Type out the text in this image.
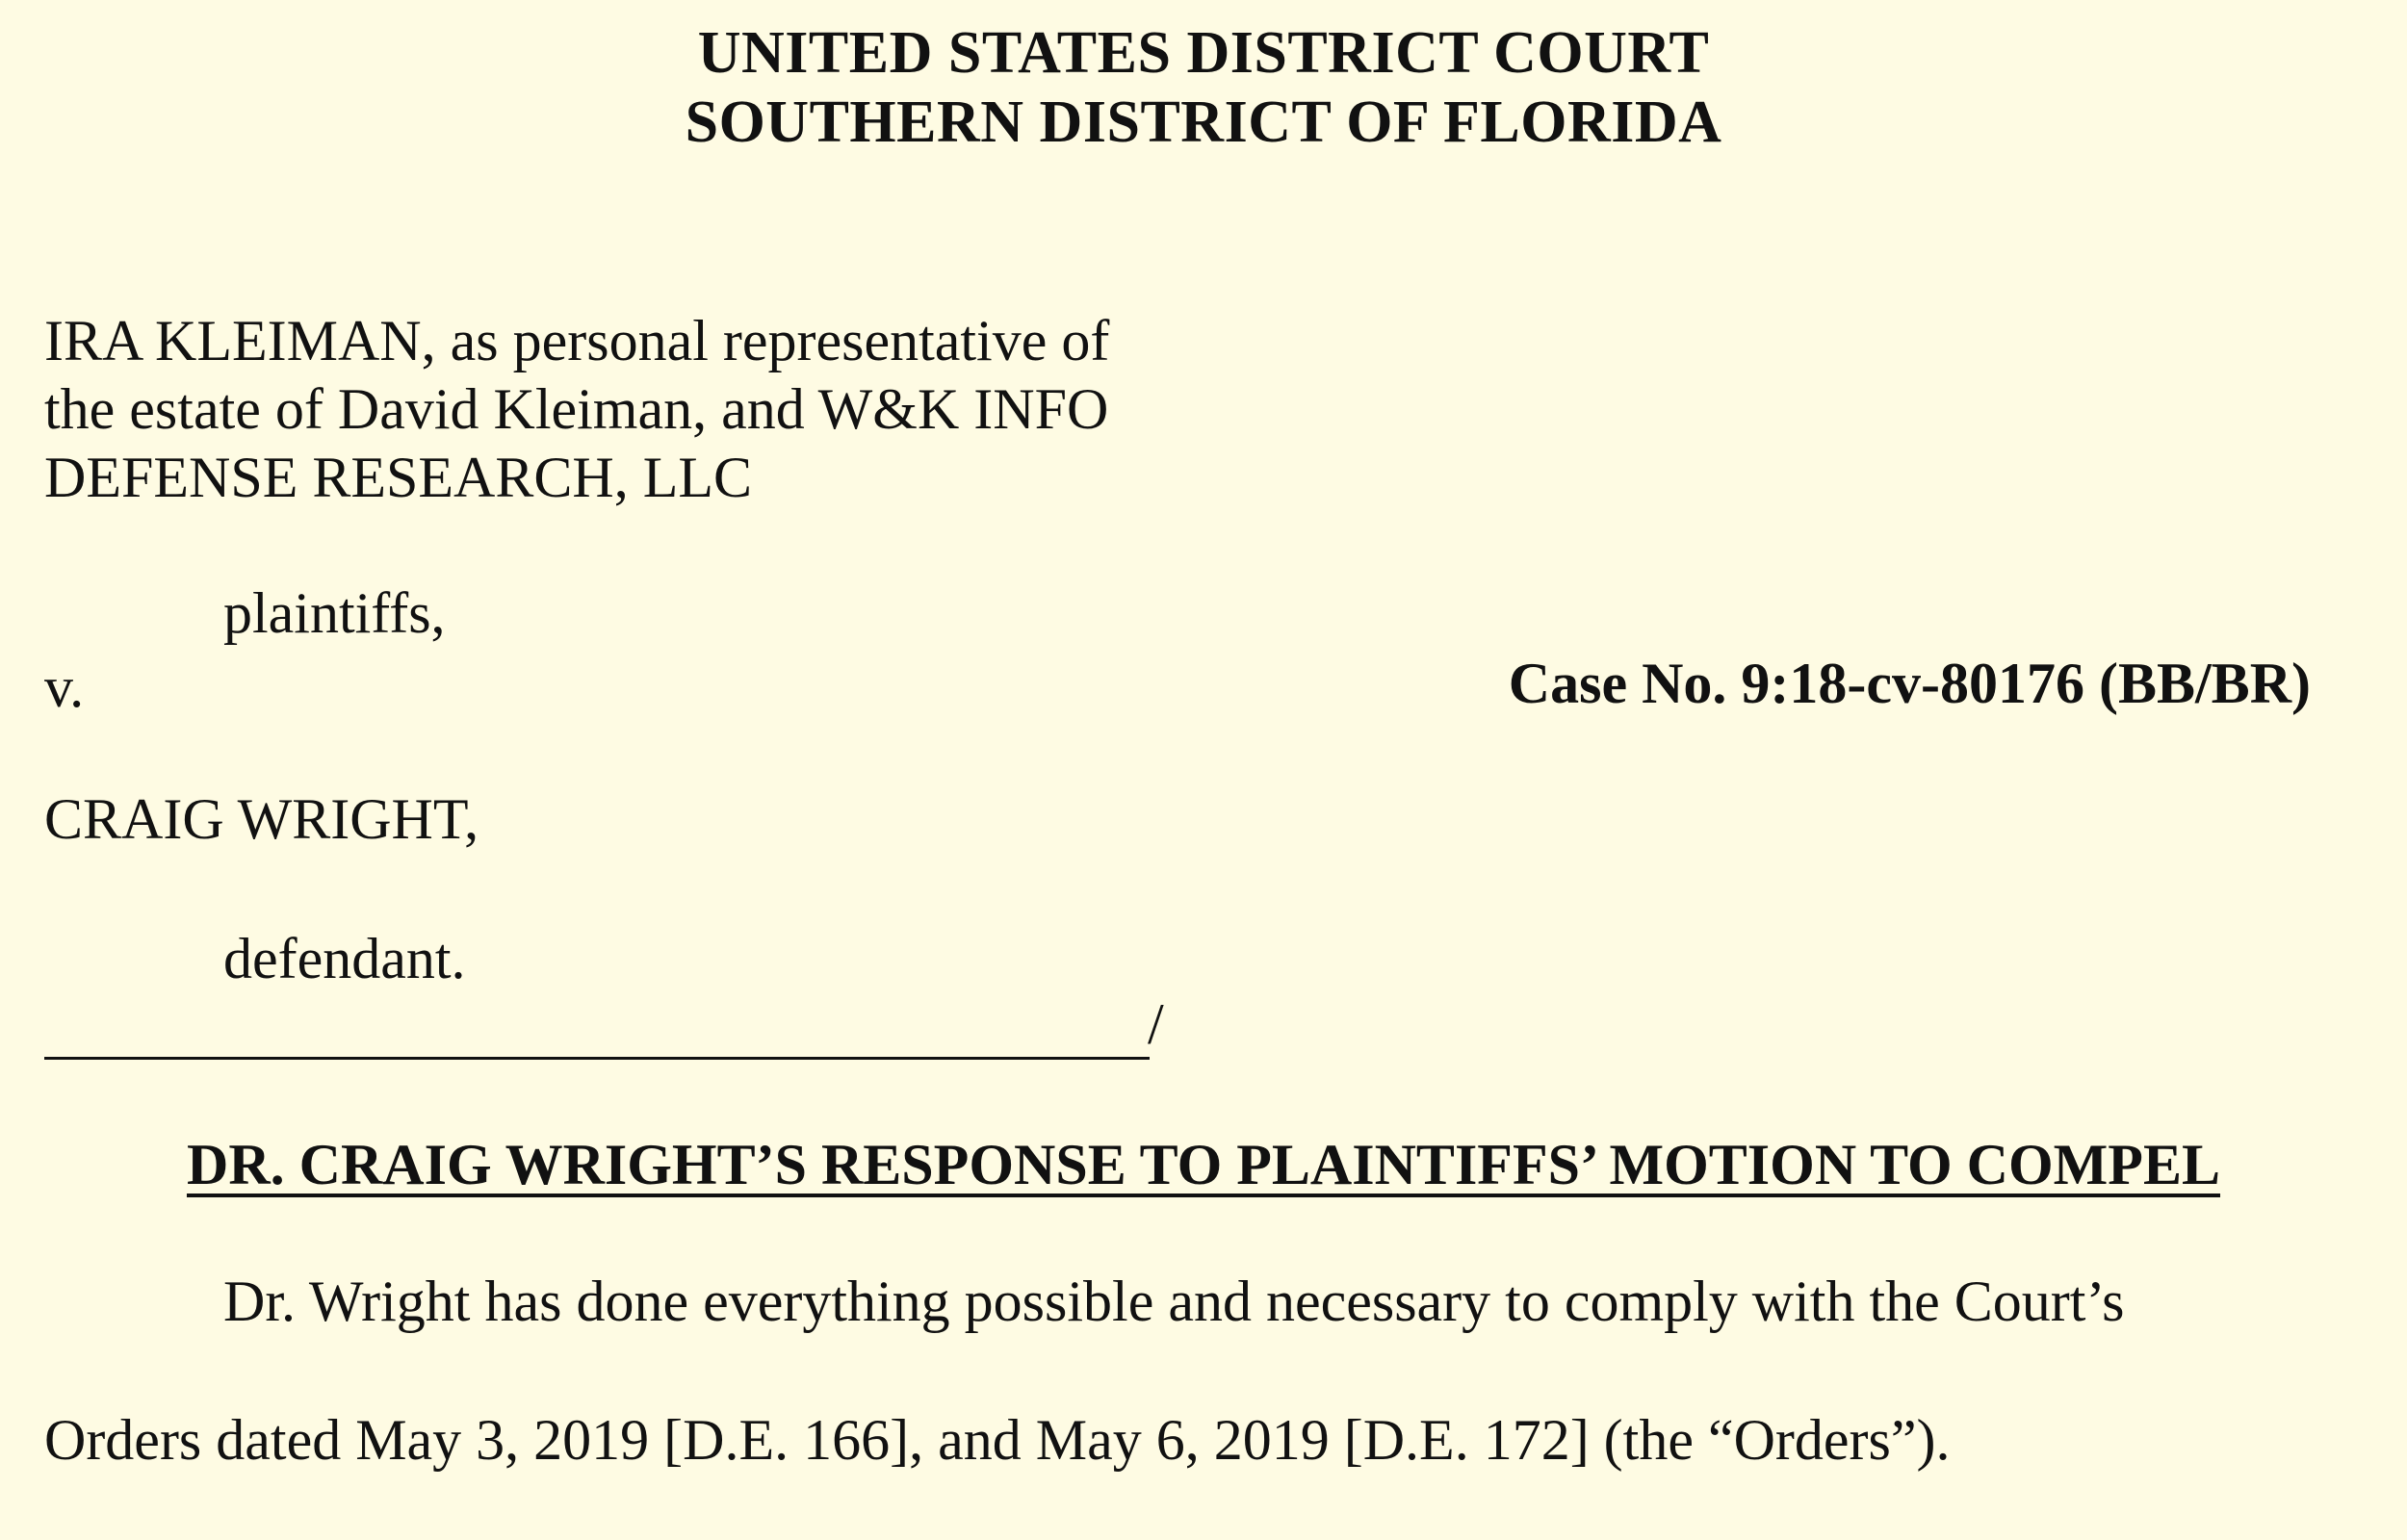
UNITED STATES DISTRICT COURT
SOUTHERN DISTRICT OF FLORIDA
IRA KLEIMAN, as personal representative of
the estate of David Kleiman, and W&K INFO
DEFENSE RESEARCH, LLC
plaintiffs,
v.	Case No. 9:18-cv-80176 (BB/BR)
CRAIG WRIGHT,
defendant.
/
DR. CRAIG WRIGHT’S RESPONSE TO PLAINTIFFS’ MOTION TO COMPEL
Dr. Wright has done everything possible and necessary to comply with the Court’s
Orders dated May 3, 2019 [D.E. 166], and May 6, 2019 [D.E. 172] (the “Orders”).
